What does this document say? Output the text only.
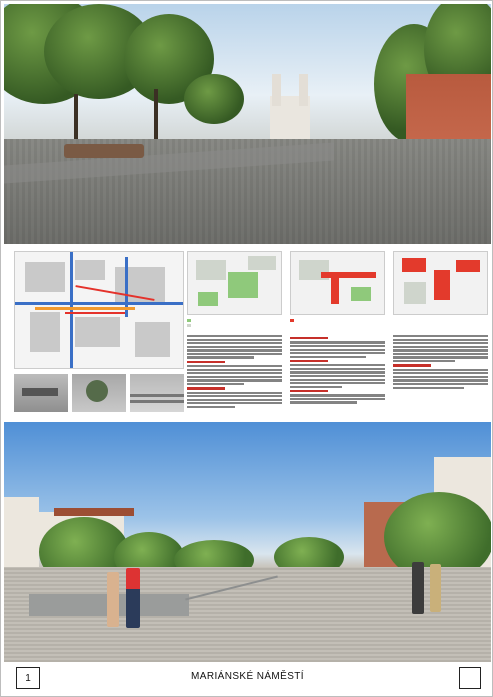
1	MARIÁNSKÉ NÁMĚSTÍ
